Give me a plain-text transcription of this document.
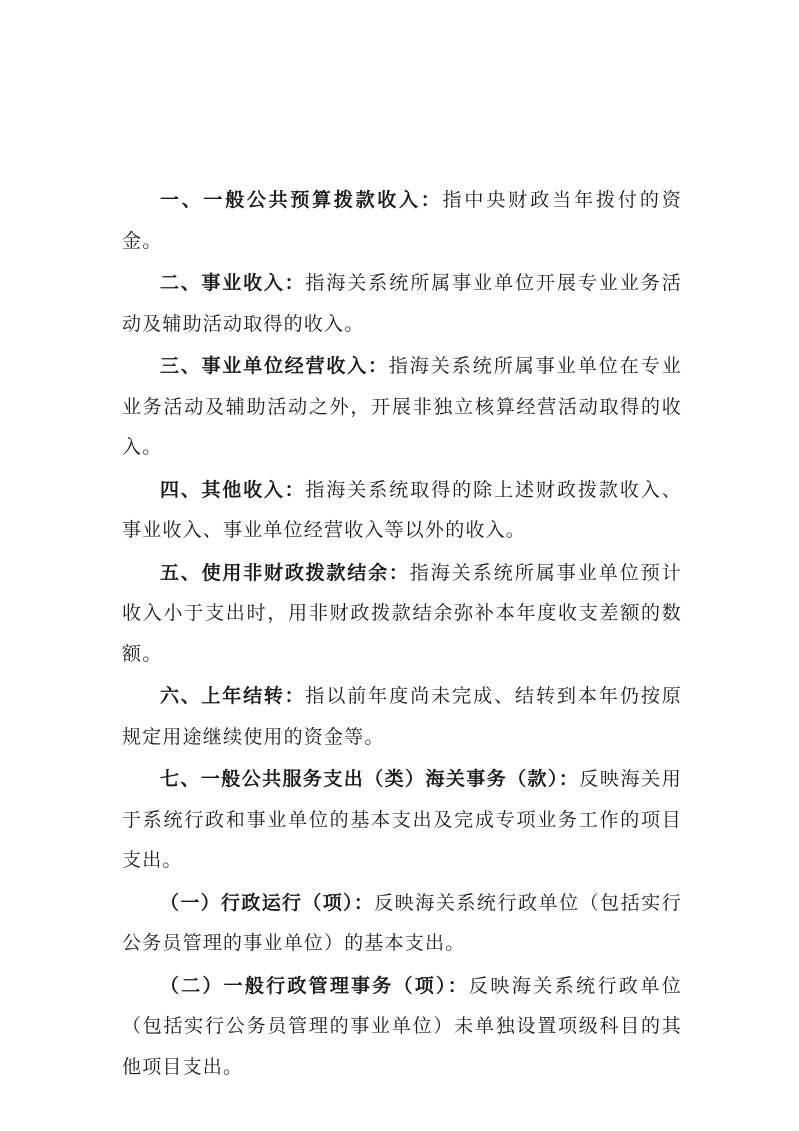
一、一般公共预算拨款收入：指中央财政当年拨付的资金。

二、事业收入：指海关系统所属事业单位开展专业业务活动及辅助活动取得的收入。

三、事业单位经营收入：指海关系统所属事业单位在专业业务活动及辅助活动之外，开展非独立核算经营活动取得的收入。

四、其他收入：指海关系统取得的除上述财政拨款收入、事业收入、事业单位经营收入等以外的收入。

五、使用非财政拨款结余：指海关系统所属事业单位预计收入小于支出时，用非财政拨款结余弥补本年度收支差额的数额。

六、上年结转：指以前年度尚未完成、结转到本年仍按原规定用途继续使用的资金等。

七、一般公共服务支出（类）海关事务（款）：反映海关用于系统行政和事业单位的基本支出及完成专项业务工作的项目支出。

（一）行政运行（项）：反映海关系统行政单位（包括实行公务员管理的事业单位）的基本支出。

（二）一般行政管理事务（项）：反映海关系统行政单位（包括实行公务员管理的事业单位）未单独设置项级科目的其他项目支出。
